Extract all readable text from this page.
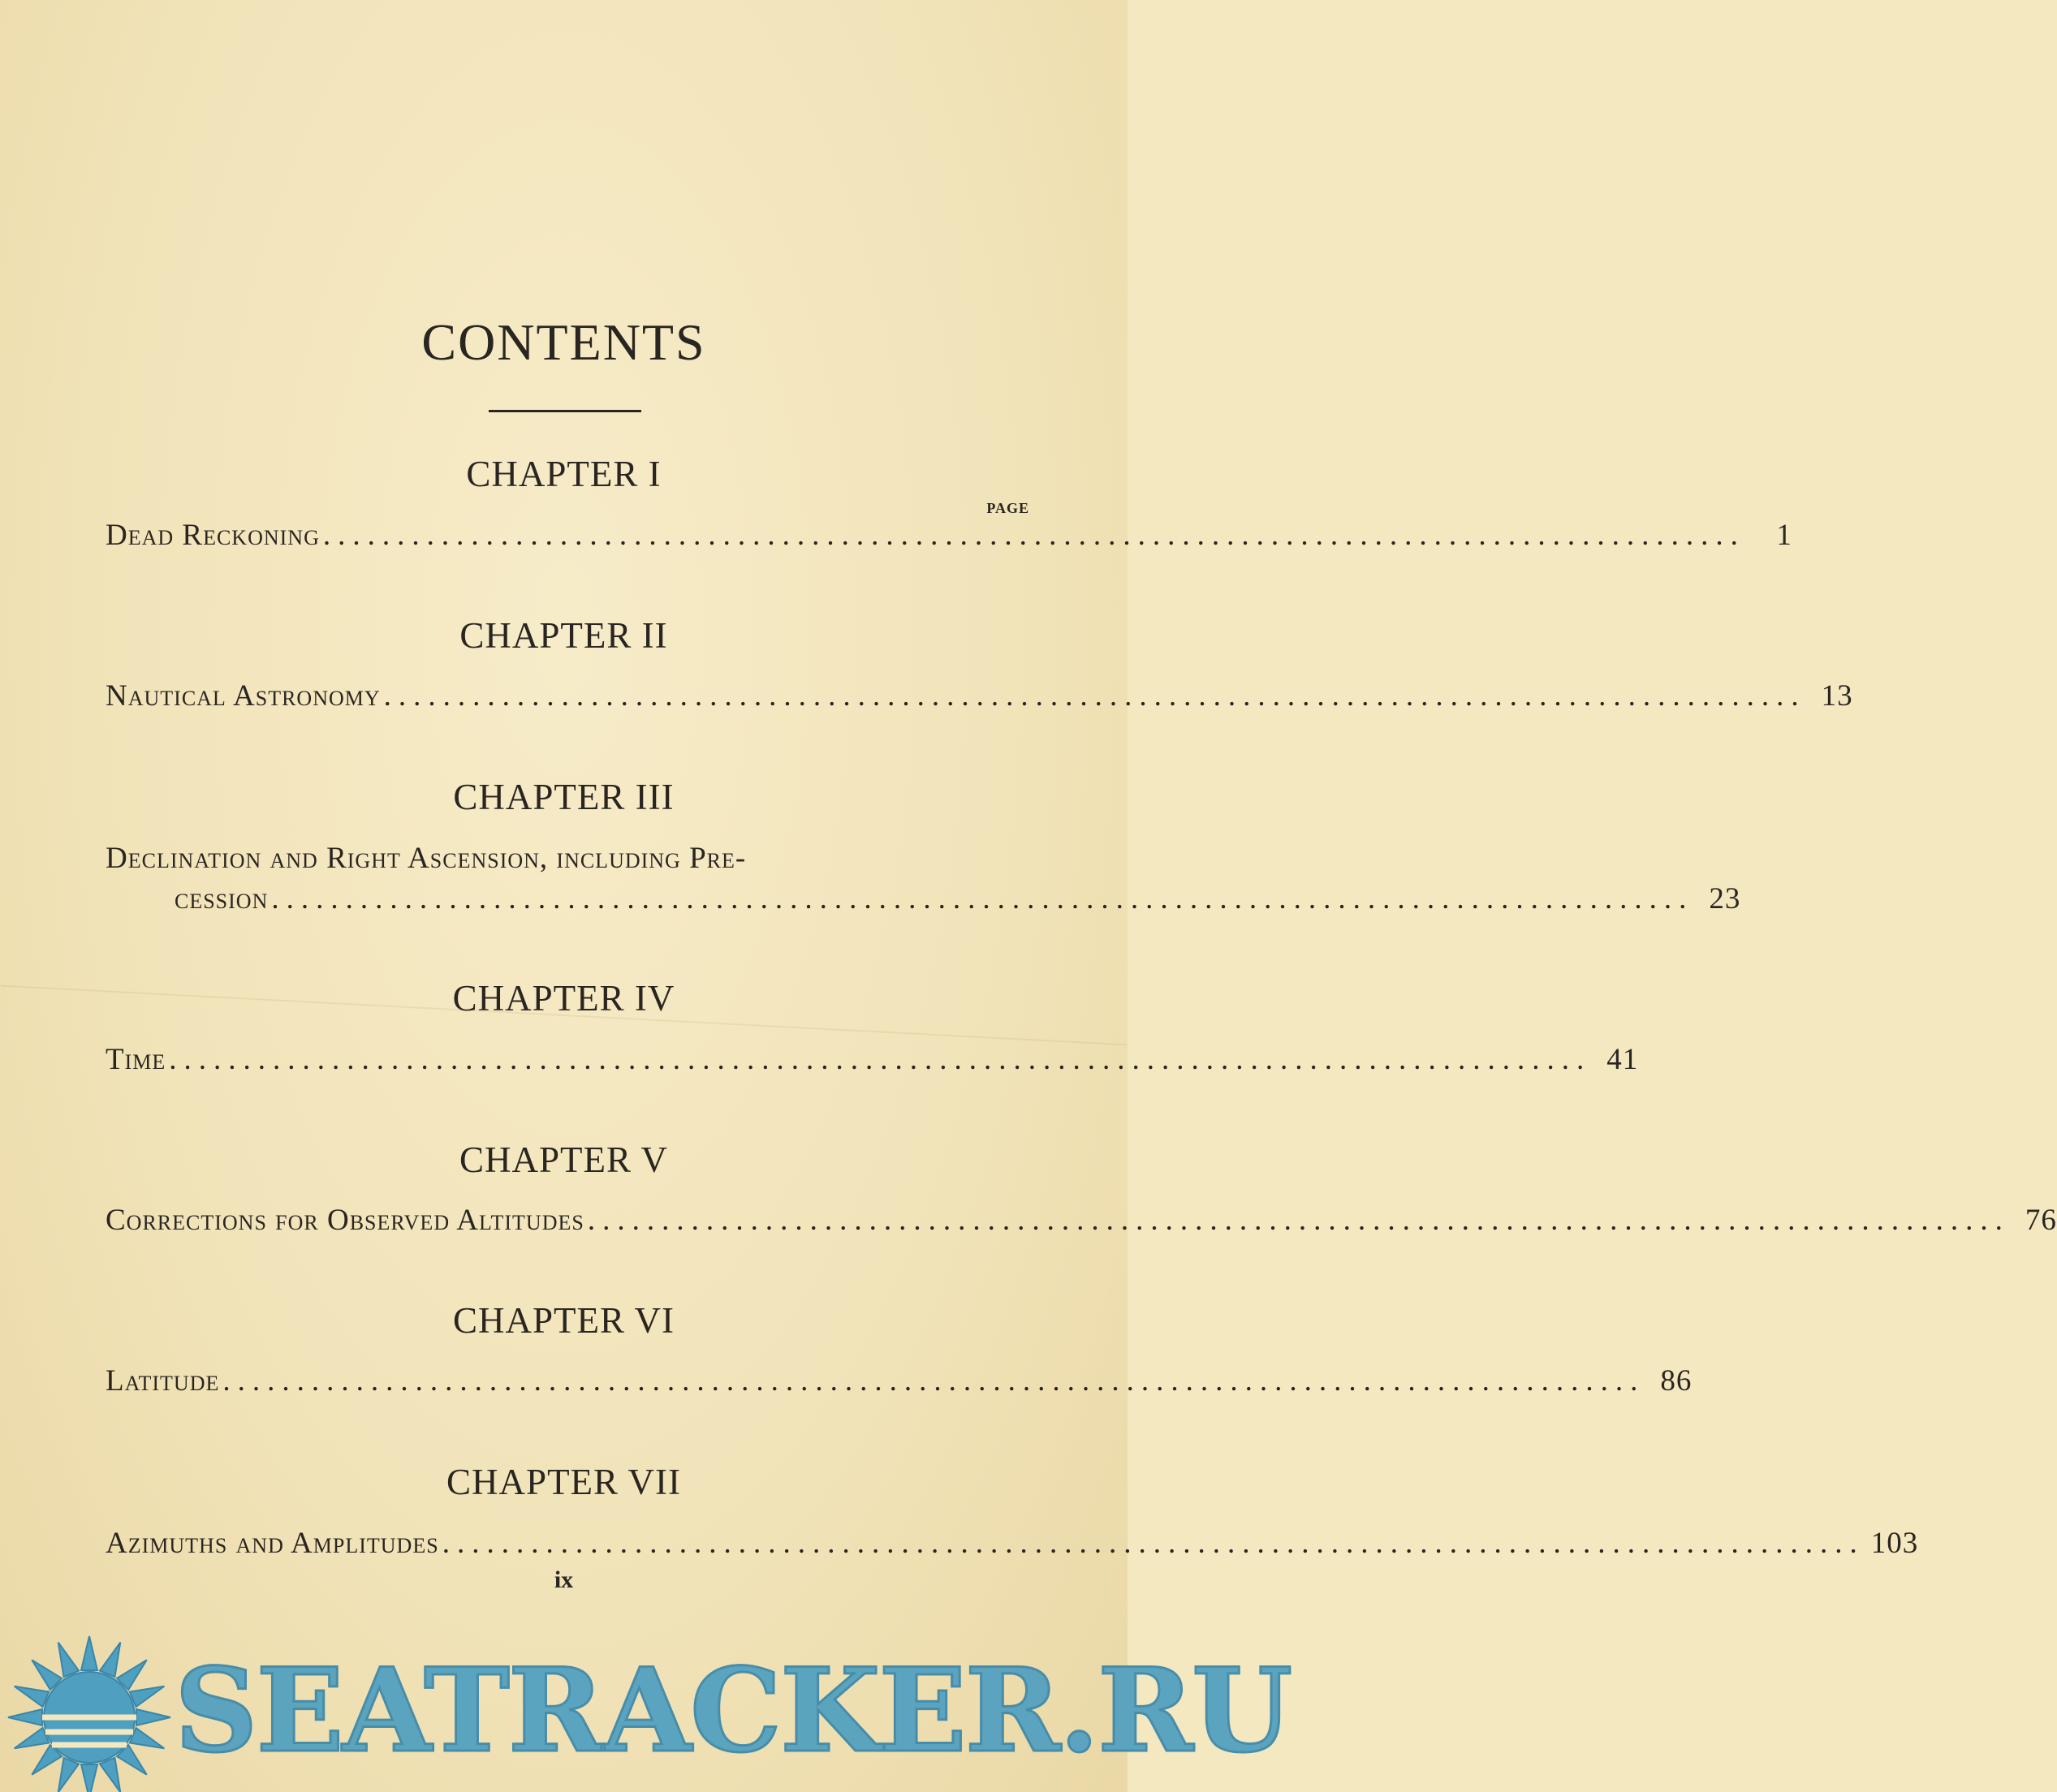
CONTENTS
CHAPTER I
PAGE
Dead Reckoning ................................................................................................	1
CHAPTER II
Nautical Astronomy ................................................................................................ 13
CHAPTER III
Declination and Right Ascension, including Pre-
cession ................................................................................................ 23
CHAPTER IV
Time ................................................................................................ 41
CHAPTER V
Corrections for Observed Altitudes ................................................................................................ 76
CHAPTER VI
Latitude ................................................................................................ 86
CHAPTER VII
Azimuths and Amplitudes ................................................................................................ 103
ix
SEATRACKER.RU
